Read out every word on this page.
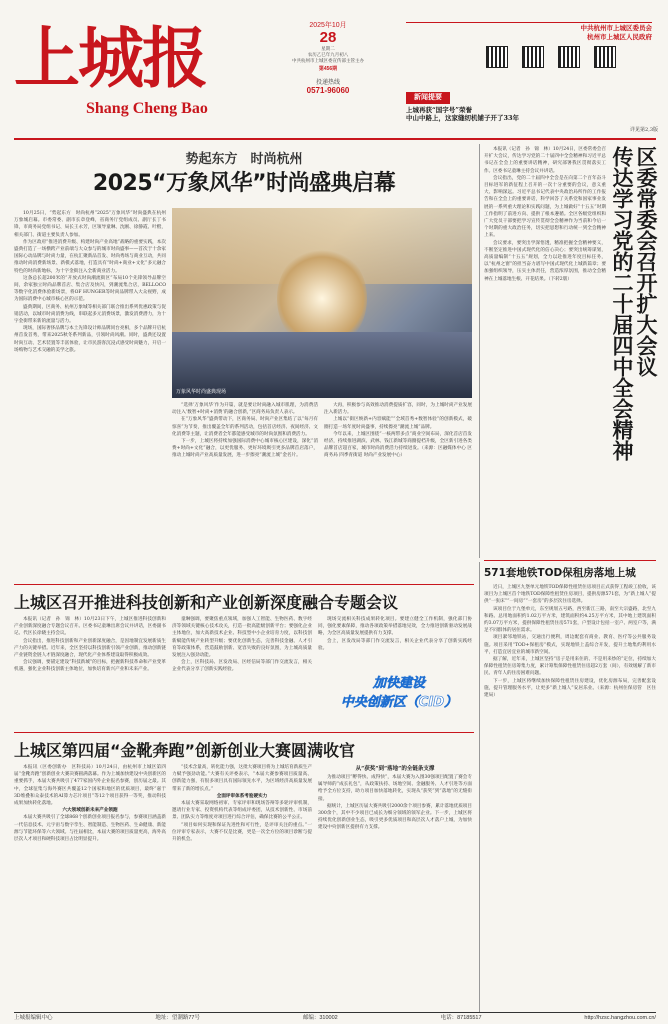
上城报
Shang Cheng Bao
2025年10月
28
星期二
农历乙巳年九月初八
中共杭州市上城区委宣传部主管主办
第456期
投递热线
0571-96060
中共杭州市上城区委员会
杭州市上城区人民政府

新闻提要
上城再获“国字号”荣誉
中山中路上，这家缝纫机铺子开了33年
详见第2,3版
势起东方　时尚杭州
2025“万象风华”时尚盛典启幕

10月25日，“势起东方　时尚杭州”2025“万象风华”时尚盛典在杭州万象城启幕。市委常委、副市长章登峰，省商务厅党组成员、副厅长丁书锋，市商务局党组书记、局长王永芳，区领导童琳、沈刚、徐静霞、叶楷，相关部门、街道主要负责人参加。

作为区政府“推进消费升级、构建时尚产业高地”战略的重要实践，本次盛典打造了一场横跨产业前端与大众参与的城市时尚盛事——首次于十余家国际心动品牌与时尚力量，在杭汇聚新品首发、时尚秀场与商业互动，共同推动时尚消费新场景、新模式落地，打造具有“时尚+商业+文化”多元融合特色的时尚新地标，为十字金街注入全新商业活力。

这条总长超200米的“开放式时尚潮流街区”布局10个先锋领导品牌空间，余家独立时尚品牌首店、集合店及快闪，到潮流集合店，BELLOCO等数字化消费体验新场景，将OF HUNGER等时尚品牌带入大众视野，成为国际消费中心城市核心区的示范。

盛典期间，区商务、杭州万象城等相关部门联合推出系列优惠政策与促销活动，以城市时尚消费为线，串联起多元消费场景，激发消费潜力，为十字金街带来新的流量与活力。

现场，国际奢侈品牌与本土先锋设计师品牌同台亮相，多个品牌开启杭州首发首秀，带来2025秋冬系列新品，引领时尚风潮。同时，盛典还设置时尚互动、艺术装置等丰富体验，让市民游客沉浸式感受时尚魅力，开启一场购物与艺术交融的美学之旅。

万象风华时尚盛典现场

“选择‘万象风华’作为开篇，就是要让时尚融入城市肌理，为消费活动注入‘数智+时尚+消费’的融合创新，”区商务局负责人表示。

在“万象风华”盛典带动下，区商务局、时尚产业区集结了以“每月有惊喜”为节奏，推出覆盖全年的系列活动，包括首店经济、夜间经济、文化消费等主题，让消费者全年都能感受城市的时尚氛围和消费活力。

下一步，上城区将持续加强国际消费中心城市核心区建设，深化“消费+时尚+文化”融合，以更优服务、更好环境吸引更多品牌首店落户，推动上城时尚产业高质量发展，进一步擦亮“潮流上城”金名片。

大再，积极参与高效推动消费提质扩容，同时，为上城时尚产业发展注入新活力。

上城以“街区焕新+内容赋能”“全域首秀+数智体验”的创新模式，破圈打造一场年度时尚盛事，持续擦亮“潮流上城”品牌。

今年以来，上城区围绕“一核两带多点”商业空间布局，深化首店首发经济，持续推进湖滨、武林、钱江新城等商圈提档升级，全区新引进各类品牌首店超百家，城市时尚消费活力持续迸发。（来源：区融媒体中心 区商务局 四季青街道 时尚产业发展中心）

本报讯（记者　孙　锦　林）10月24日，区委常委会召开扩大会议，传达学习党的二十届四中全会精神和习近平总书记在全会上的重要讲话精神，研究部署我区贯彻落实工作。区委书记童琳主持会议并讲话。

会议指出，党的二十届四中全会是在向第二个百年奋斗目标进军的新征程上召开的一次十分重要的会议，意义重大、影响深远。习近平总书记代表中央政治局所作的工作报告和在全会上的重要讲话，科学回答了关系党和国家事业发展的一系列重大理论和实践问题，为上城做好“十五五”时期工作指明了前进方向、提供了根本遵循。全区各级党组织和广大党员干部要把学习宣传贯彻全会精神作为当前和今后一个时期的重大政治任务，切实把思想和行动统一到全会精神上来。

会议要求，要突出学深悟透，精准把握全会精神要义，不断坚定推进中国式现代化的信心决心；要突出统筹谋划，高质量编制“十五五”规划，全力以赴推进年度目标任务，以“杭州之窗”的担当奋力谱写中国式现代化上城新篇章；要加强组织领导，压实主体责任，营造浓厚氛围，推动全会精神在上城落地生根、开花结果。（下转2版）	区委常委会召开扩大会议
传达学习党的二十届四中全会精神
上城区召开推进科技创新和产业创新深度融合专题会议

本报讯（记者　孙　锦　林）10月23日下午，上城区推进科技创新和产业创新深度融合专题会议召开。区委书记童琳出席会议并讲话，区委副书记、代区长徐晓主持会议。

会议指出，推进科技创新和产业创新深度融合，是因地制宜发展新质生产力的关键举措。近年来，全区坚持以科技创新引领产业创新，推动创新链产业链资金链人才链深度融合，现代化产业体系建设取得积极成效。

会议强调，要锚定建设“科技新城”的目标，把握新科技革命和产业变革机遇，强化企业科技创新主体地位，加快培育新兴产业和未来产业。

童琳强调，要聚焦重点领域，加强人工智能、生物医药、数字经济等领域关键核心技术攻关，打造一批高能级创新平台；要强化企业主体地位，加大高新技术企业、科技型中小企业培育力度，以科技创新赋能传统产业转型升级；要优化创新生态，完善科技金融、人才引育等政策体系，营造鼓励创新、宽容失败的良好氛围，为上城高质量发展注入强劲动能。

会上，区科技局、区发改局、区经信局等部门作交流发言，相关企业代表分享了创新实践经验。

现场交流相关科技成果转化项目。要建立健全工作机制，强化部门协同，强化要素保障，推动各项政策举措落地见效，全力推进创新驱动发展战略，为全区高质量发展提供有力支撑。

会上，区发改局等部门作交流发言，相关企业代表分享了创新实践经验。

加快建设
中央创新区（CID）
上城区第四届“金靴奔跑”创新创业大赛圆满收官

本报讯（区委创新办　区科技局）10月24日，由杭州市上城区第四届“金靴奔跑”创新创业大赛决赛圆满落幕。作为上城加快建设中央创新区的重要抓手，本届大赛共吸引了477家国内外企业报名参赛，创历届之最。其中，全球征集与海外赛区共覆盖12个国家和地区的优质项目，最终“嘉于3D堆叠和众泰技术的AI算力芯片项目”等12个项目获得一等奖，推动科技成果加快转化落地。

六大领域创新未来产业领跑

本届大赛共吸引了全球868个创新创业项目报名参与，参赛项目涵盖新一代信息技术、元宇宙与数字孪生、智能制造、生物医药、生命健康、新能源与节能环保等六大领域。与往届相比，本届大赛的项目质量更高，海外高层次人才项目和硬科技项目占比明显提升。

“技术含量高，转化能力强，这批大赛项目将为上城培育新质生产力赋予强劲动能。”大赛有关评委表示，“本届大赛参赛项目质量高、创新能力强，有很多项目具有国际领先水平，为区域经济高质量发展带来了新的增长点。”

全面评审体系考验硬实力

本届大赛采取网络初审、专家评审和现场答辩等多轮评审机制，邀请行业专家、投资机构代表等组成评委团，从技术创新性、市场前景、团队实力等维度对项目进行综合评估，确保比赛的公平公正。

“项目如何实现和保证先进性和可行性，是评审关注的重点。”一位评审专家表示，大赛不仅是比赛，更是一次全方位的项目诊断与提升的机会。

从“获奖”到“落地”的全链条支撑

为推动项目“孵得快、成得快”，本届大赛为入围30强项目配置了赛会专属导师的“成长礼包”，从政策扶持、场地空间、金融服务、人才引进等方面给予全方位支持，助力项目加快落地转化，实现从“获奖”到“落地”的无缝衔接。

据统计，上城区历届大赛共吸引2000余个项目参赛，累计落地优质项目300余个，其中不少项目已成长为细分领域的领军企业。下一步，上城区将持续优化创新创业生态，吸引更多优质项目和高层次人才落户上城，为加快建设中央创新区提供有力支撑。

571套地铁TOD保租房落地上城

近日，上城区九堡单元地铁TOD保障性租赁住房项目正式获得工程竣工验收，该项目为上城区首个地铁TOD保障性租赁住房项目，提供房源571套，为“新上城人”提供“一张床”“一间房”“一套房”的多层次住房选择。

该项目位于九堡单元，东至规划五号路，西至新江三路，南至大宗盛路，北至九和路。总用地面积约1.02万平方米，建筑面积约4.25万平方米，其中地上建筑面积约3.07万平方米，提供保障性租赁住房571套，户型设计包括一室户、两室户等，满足不同群体的居住需求。

项目紧邻地铁站，交通出行便利，周边配套有商业、教育、医疗等公共服务设施。项目采用“TOD+保租房”模式，实现地铁上盖综合开发，提升土地集约利用水平，打造宜居宜业的城市新空间。

据了解，近年来，上城区坚持“房子是用来住的、不是用来炒的”定位，持续加大保障性租赁住房筹集力度，累计筹集保障性租赁住房超2万套（间），有效缓解了新市民、青年人的住房困难问题。

下一步，上城区将继续加快保障性租赁住房建设，优化房源布局，完善配套设施，提升管理服务水平，让更多“新上城人”安居乐业。（来源：杭州住保房管　区住建局）

上城报编辑中心	地址：望潮路77号	邮编：310002	电话：87185517	http://hzsc.hangzhou.com.cn/
